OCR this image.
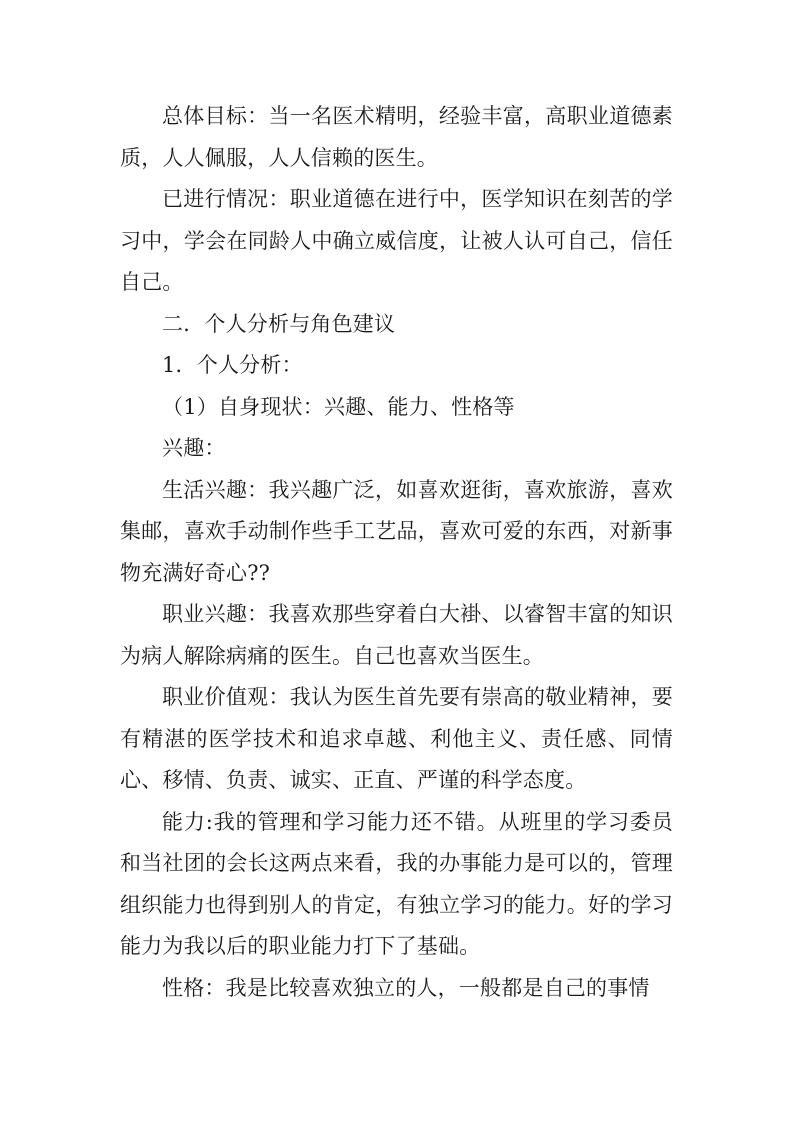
总体目标：当一名医术精明，经验丰富，高职业道德素质，人人佩服，人人信赖的医生。

已进行情况：职业道德在进行中，医学知识在刻苦的学习中，学会在同龄人中确立威信度，让被人认可自己，信任自己。

二．个人分析与角色建议

1．个人分析：

（1）自身现状：兴趣、能力、性格等

兴趣：

生活兴趣：我兴趣广泛，如喜欢逛街，喜欢旅游，喜欢集邮，喜欢手动制作些手工艺品，喜欢可爱的东西，对新事物充满好奇心??

职业兴趣：我喜欢那些穿着白大褂、以睿智丰富的知识为病人解除病痛的医生。自己也喜欢当医生。

职业价值观：我认为医生首先要有崇高的敬业精神，要有精湛的医学技术和追求卓越、利他主义、责任感、同情心、移情、负责、诚实、正直、严谨的科学态度。

能力:我的管理和学习能力还不错。从班里的学习委员和当社团的会长这两点来看，我的办事能力是可以的，管理组织能力也得到别人的肯定，有独立学习的能力。好的学习能力为我以后的职业能力打下了基础。

性格：我是比较喜欢独立的人，一般都是自己的事情
